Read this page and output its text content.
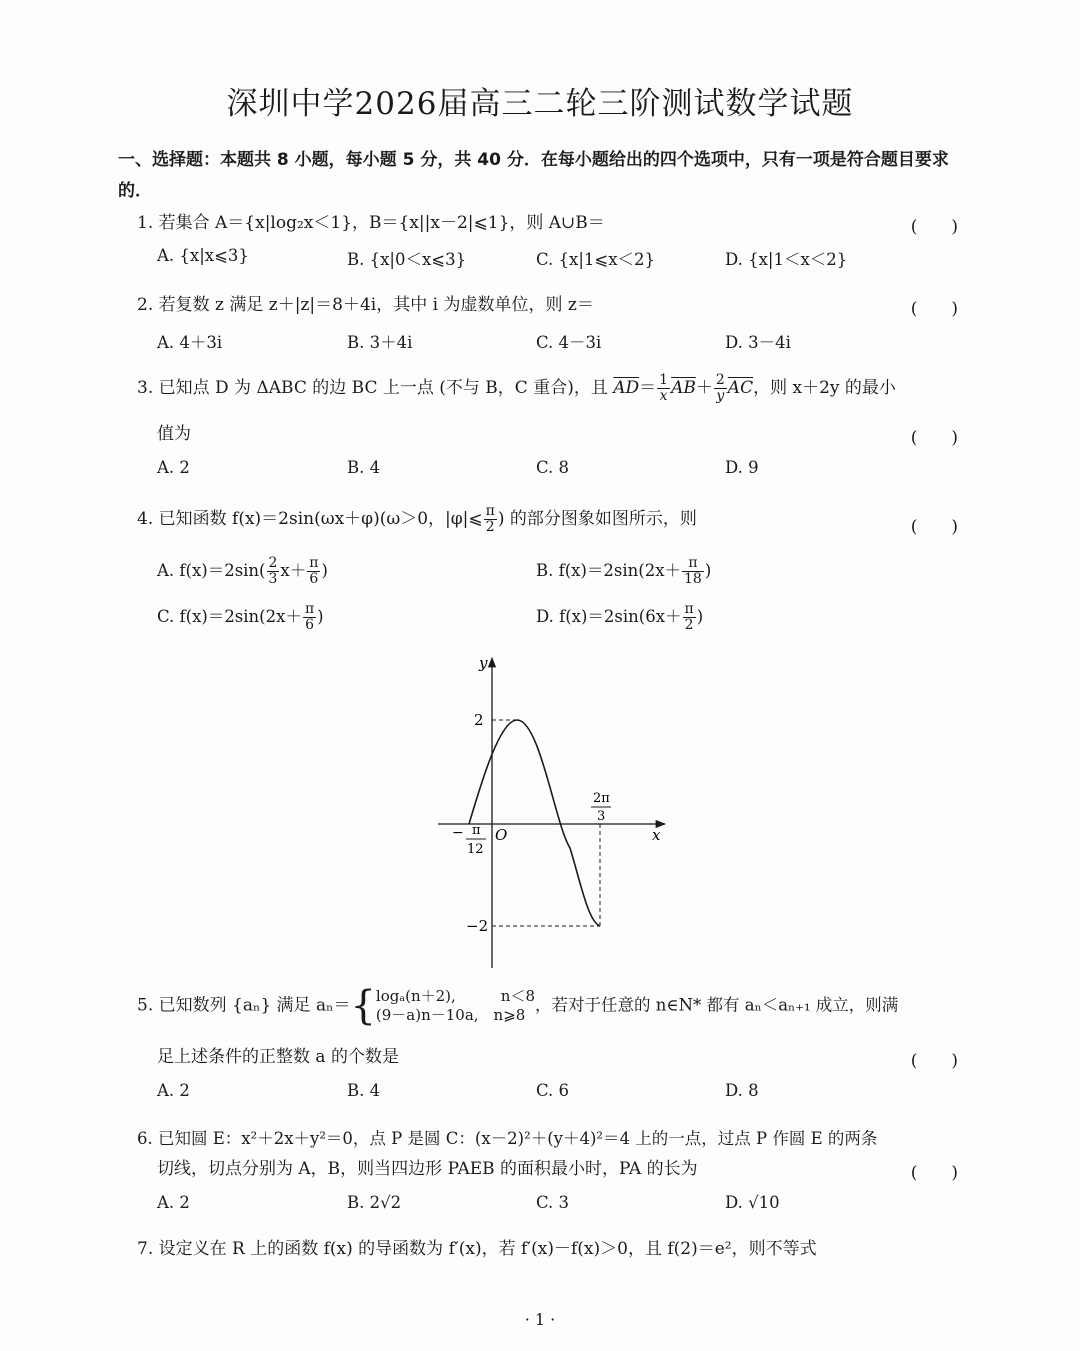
深圳中学2026届高三二轮三阶测试数学试题
一、选择题：本题共 8 小题，每小题 5 分，共 40 分．在每小题给出的四个选项中，只有一项是符合题目要求的．
1. 若集合 A＝{x|log₂x＜1}，B＝{x||x－2|⩽1}，则 A∪B＝	(　　)
A. {x|x⩽3}	B. {x|0＜x⩽3}	C. {x|1⩽x＜2}	D. {x|1＜x＜2}
2. 若复数 z 满足 z＋|z|＝8＋4i，其中 i 为虚数单位，则 z＝	(　　)
A. 4＋3i	B. 3＋4i	C. 4－3i	D. 3－4i
3. 已知点 D 为 ΔABC 的边 BC 上一点 (不与 B，C 重合)，且 $\overline{AD}= \frac{1}{x} \overline{AB}+ \frac{2}{y} \overline{AC}$，则 x＋2y 的最小
值为	(　　)
A. 2	B. 4	C. 8	D. 9
4. 已知函数 f(x)＝2sin(ωx＋φ)(ω＞0，|φ|⩽ $\frac{\pi}{2}$ ) 的部分图象如图所示，则	(　　)
A. $f(x)=2\sin( \frac{2}{3} x+ \frac{\pi}{6}$ )	B. $f(x)=2\sin(2x+ \frac{\pi}{18}$ )
C. $f(x)=2\sin(2x+ \frac{\pi}{6}$ )	D. $f(x)=2\sin(6x+ \frac{\pi}{2}$ )
y
x
O
2
−2
− π
12
2π
3
5. 已知数列 {aₙ} 满足 aₙ＝{ logₐ(n＋2),　　　n＜8
(9－a)n－10a,　n⩾8
，若对于任意的 n∈N* 都有 aₙ＜aₙ₊₁ 成立，则满
足上述条件的正整数 a 的个数是	(　　)
A. 2	B. 4	C. 6	D. 8
6. 已知圆 E：x²＋2x＋y²＝0，点 P 是圆 C：(x－2)²＋(y＋4)²＝4 上的一点，过点 P 作圆 E 的两条
切线，切点分别为 A，B，则当四边形 PAEB 的面积最小时，PA 的长为	(　　)
A. 2	B. 2√2	C. 3	D. √10
7. 设定义在 R 上的函数 f(x) 的导函数为 f′(x)，若 f′(x)－f(x)＞0，且 f(2)＝e²，则不等式
· 1 ·
